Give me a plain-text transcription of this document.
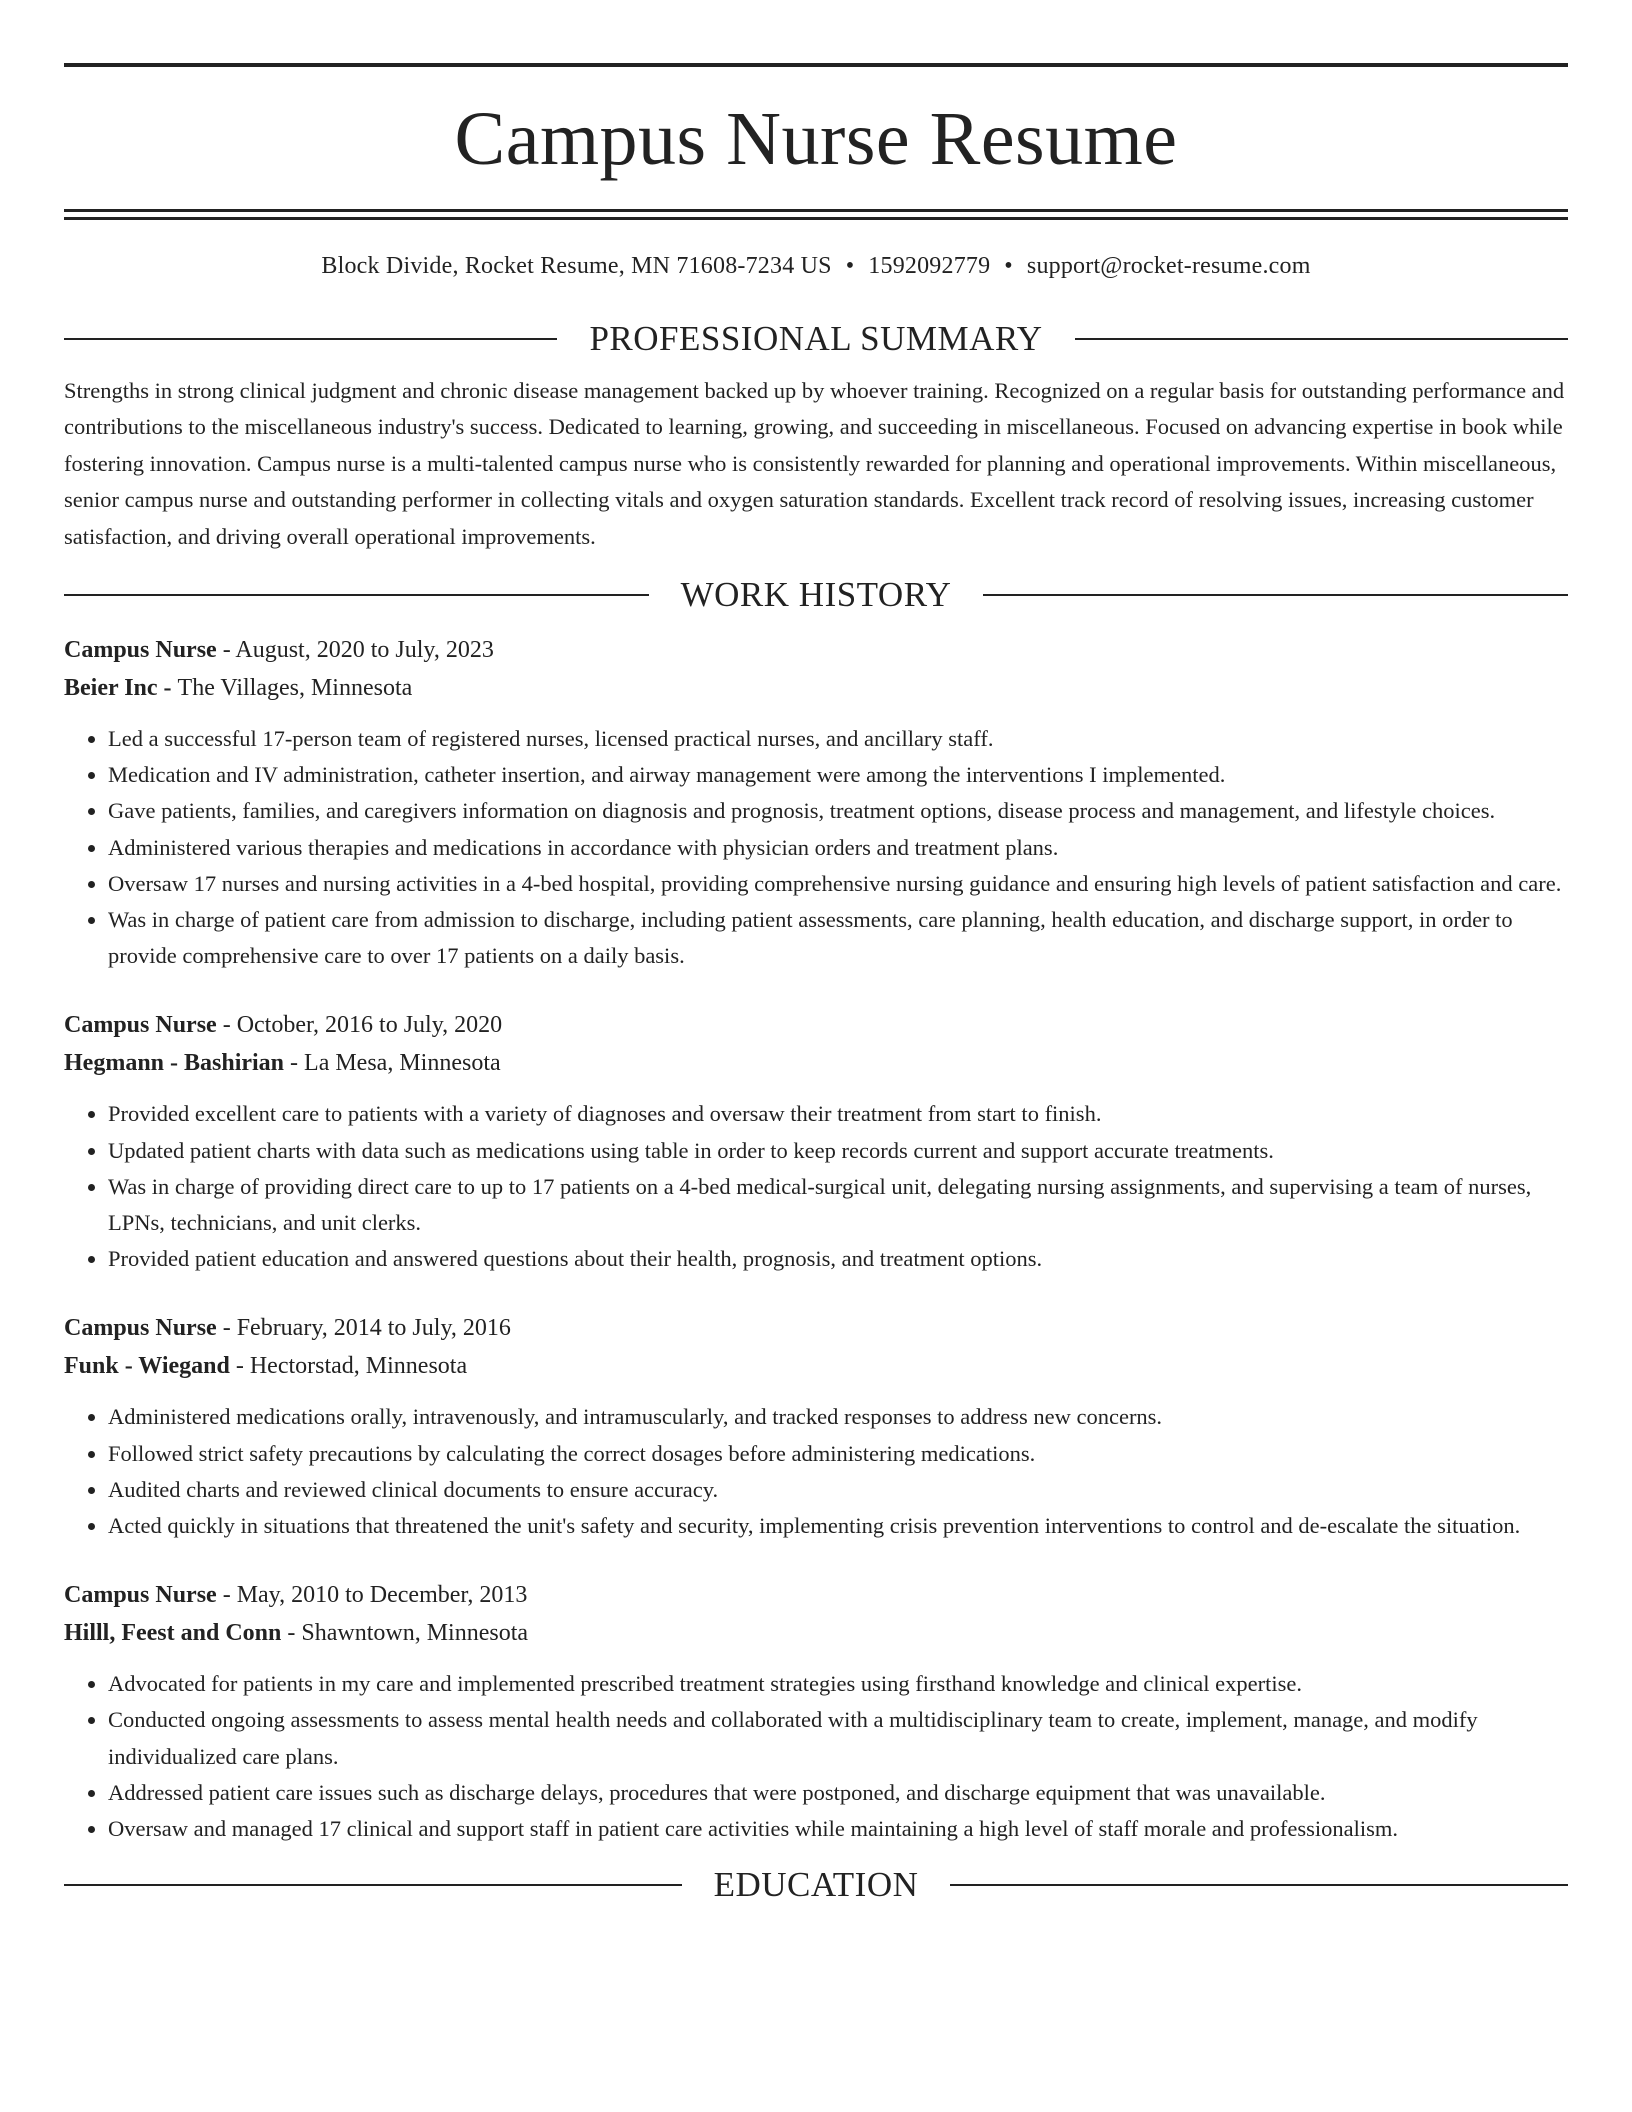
Campus Nurse Resume
Block Divide, Rocket Resume, MN 71608-7234 US • 1592092779 • support@rocket-resume.com
PROFESSIONAL SUMMARY

Strengths in strong clinical judgment and chronic disease management backed up by whoever training. Recognized on a regular basis for outstanding performance and contributions to the miscellaneous industry's success. Dedicated to learning, growing, and succeeding in miscellaneous. Focused on advancing expertise in book while fostering innovation. Campus nurse is a multi-talented campus nurse who is consistently rewarded for planning and operational improvements. Within miscellaneous, senior campus nurse and outstanding performer in collecting vitals and oxygen saturation standards. Excellent track record of resolving issues, increasing customer satisfaction, and driving overall operational improvements.

WORK HISTORY
Campus Nurse - August, 2020 to July, 2023
Beier Inc - The Villages, Minnesota
• Led a successful 17-person team of registered nurses, licensed practical nurses, and ancillary staff.
• Medication and IV administration, catheter insertion, and airway management were among the interventions I implemented.
• Gave patients, families, and caregivers information on diagnosis and prognosis, treatment options, disease process and management, and lifestyle choices.
• Administered various therapies and medications in accordance with physician orders and treatment plans.
• Oversaw 17 nurses and nursing activities in a 4-bed hospital, providing comprehensive nursing guidance and ensuring high levels of patient satisfaction and care.
• Was in charge of patient care from admission to discharge, including patient assessments, care planning, health education, and discharge support, in order to provide comprehensive care to over 17 patients on a daily basis.
Campus Nurse - October, 2016 to July, 2020
Hegmann - Bashirian - La Mesa, Minnesota
• Provided excellent care to patients with a variety of diagnoses and oversaw their treatment from start to finish.
• Updated patient charts with data such as medications using table in order to keep records current and support accurate treatments.
• Was in charge of providing direct care to up to 17 patients on a 4-bed medical-surgical unit, delegating nursing assignments, and supervising a team of nurses, LPNs, technicians, and unit clerks.
• Provided patient education and answered questions about their health, prognosis, and treatment options.
Campus Nurse - February, 2014 to July, 2016
Funk - Wiegand - Hectorstad, Minnesota
• Administered medications orally, intravenously, and intramuscularly, and tracked responses to address new concerns.
• Followed strict safety precautions by calculating the correct dosages before administering medications.
• Audited charts and reviewed clinical documents to ensure accuracy.
• Acted quickly in situations that threatened the unit's safety and security, implementing crisis prevention interventions to control and de-escalate the situation.
Campus Nurse - May, 2010 to December, 2013
Hilll, Feest and Conn - Shawntown, Minnesota
• Advocated for patients in my care and implemented prescribed treatment strategies using firsthand knowledge and clinical expertise.
• Conducted ongoing assessments to assess mental health needs and collaborated with a multidisciplinary team to create, implement, manage, and modify individualized care plans.
• Addressed patient care issues such as discharge delays, procedures that were postponed, and discharge equipment that was unavailable.
• Oversaw and managed 17 clinical and support staff in patient care activities while maintaining a high level of staff morale and professionalism.
EDUCATION
